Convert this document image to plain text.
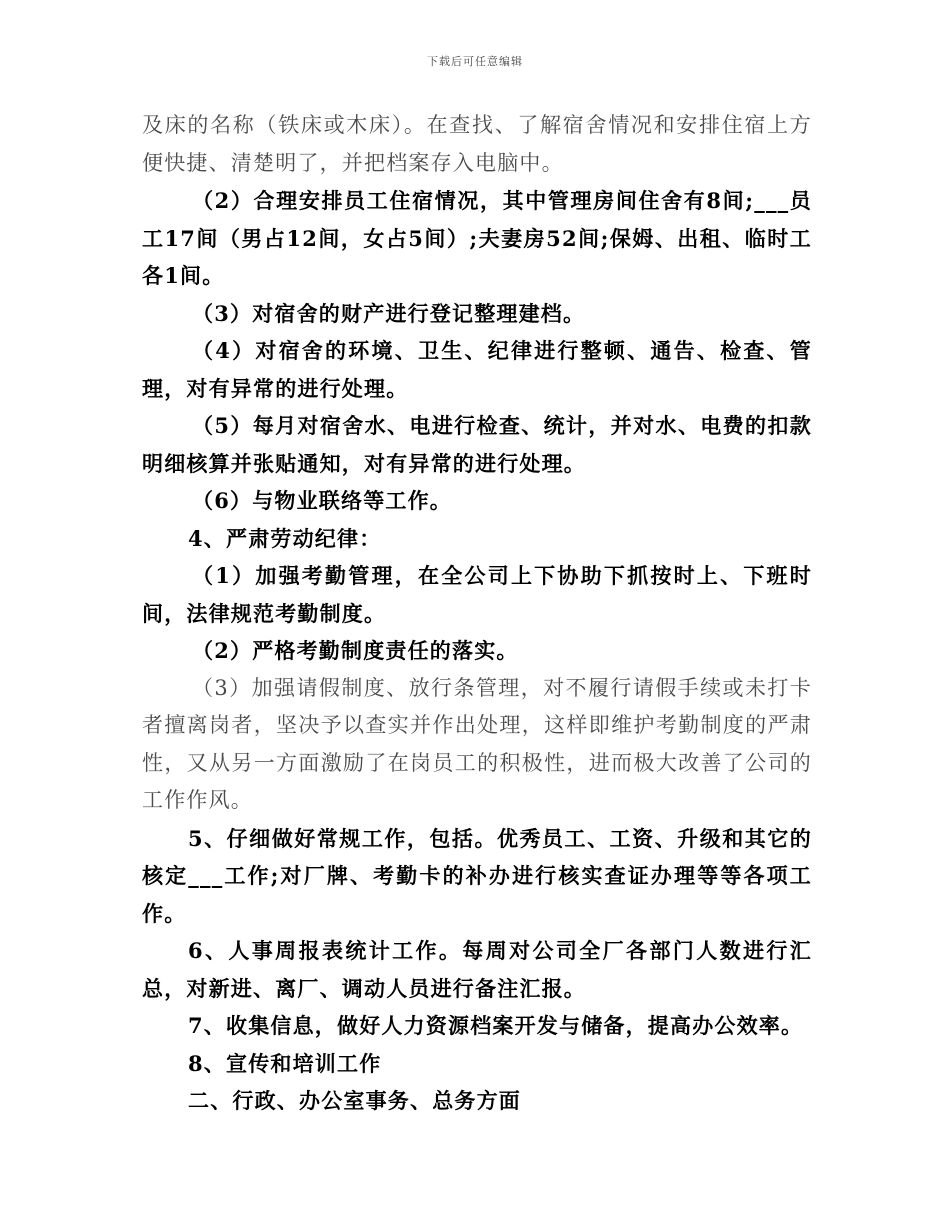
下载后可任意编辑

及床的名称（铁床或木床）。在查找、了解宿舍情况和安排住宿上方便快捷、清楚明了，并把档案存入电脑中。

（2）合理安排员工住宿情况，其中管理房间住舍有8间;___员工17间（男占12间，女占5间）;夫妻房52间;保姆、出租、临时工各1间。

（3）对宿舍的财产进行登记整理建档。

（4）对宿舍的环境、卫生、纪律进行整顿、通告、检查、管理，对有异常的进行处理。

（5）每月对宿舍水、电进行检查、统计，并对水、电费的扣款明细核算并张贴通知，对有异常的进行处理。

（6）与物业联络等工作。

4、严肃劳动纪律：

（1）加强考勤管理，在全公司上下协助下抓按时上、下班时间，法律规范考勤制度。

（2）严格考勤制度责任的落实。

（3）加强请假制度、放行条管理，对不履行请假手续或未打卡者擅离岗者，坚决予以查实并作出处理，这样即维护考勤制度的严肃性，又从另一方面激励了在岗员工的积极性，进而极大改善了公司的工作作风。

5、仔细做好常规工作，包括。优秀员工、工资、升级和其它的核定___工作;对厂牌、考勤卡的补办进行核实查证办理等等各项工作。

6、人事周报表统计工作。每周对公司全厂各部门人数进行汇总，对新进、离厂、调动人员进行备注汇报。

7、收集信息，做好人力资源档案开发与储备，提高办公效率。

8、宣传和培训工作

二、行政、办公室事务、总务方面
